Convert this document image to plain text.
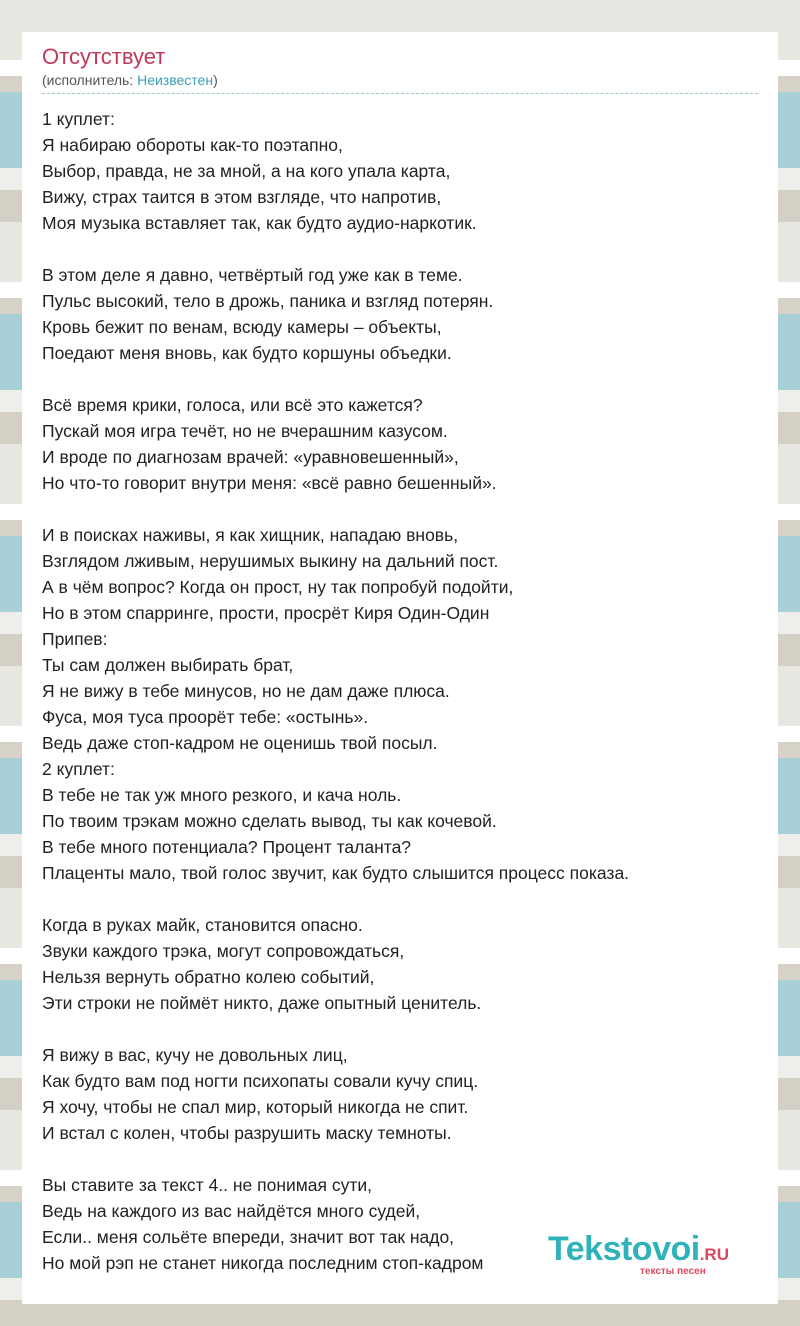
Отсутствует
(исполнитель: Неизвестен)
1 куплет:
Я набираю обороты как-то поэтапно,
Выбор, правда, не за мной, а на кого упала карта,
Вижу, страх таится в этом взгляде, что напротив,
Моя музыка вставляет так, как будто аудио-наркотик.
В этом деле я давно, четвёртый год уже как в теме.
Пульс высокий, тело в дрожь, паника и взгляд потерян.
Кровь бежит по венам, всюду камеры – объекты,
Поедают меня вновь, как будто коршуны объедки.
Всё время крики, голоса, или всё это кажется?
Пускай моя игра течёт, но не вчерашним казусом.
И вроде по диагнозам врачей: «уравновешенный»,
Но что-то говорит внутри меня: «всё равно бешенный».
И в поисках наживы, я как хищник, нападаю вновь,
Взглядом лживым, нерушимых выкину на дальний пост.
А в чём вопрос? Когда он прост, ну так попробуй подойти,
Но в этом спарринге, прости, просрёт Киря Один-Один
Припев:
Ты сам должен выбирать брат,
Я не вижу в тебе минусов, но не дам даже плюса.
Фуса, моя туса проорёт тебе: «остынь».
Ведь даже стоп-кадром не оценишь твой посыл.
2 куплет:
В тебе не так уж много резкого, и кача ноль.
По твоим трэкам можно сделать вывод, ты как кочевой.
В тебе много потенциала? Процент таланта?
Плаценты мало, твой голос звучит, как будто слышится процесс показа.
Когда в руках майк, становится опасно.
Звуки каждого трэка, могут сопровождаться,
Нельзя вернуть обратно колею событий,
Эти строки не поймёт никто, даже опытный ценитель.
Я вижу в вас, кучу не довольных лиц,
Как будто вам под ногти психопаты совали кучу спиц.
Я хочу, чтобы не спал мир, который никогда не спит.
И встал с колен, чтобы разрушить маску темноты.
Вы ставите за текст 4.. не понимая сути,
Ведь на каждого из вас найдётся много судей,
Если.. меня сольёте впереди, значит вот так надо,
Но мой рэп не станет никогда последним стоп-кадром	Tekstovoi.RU
тексты песен
